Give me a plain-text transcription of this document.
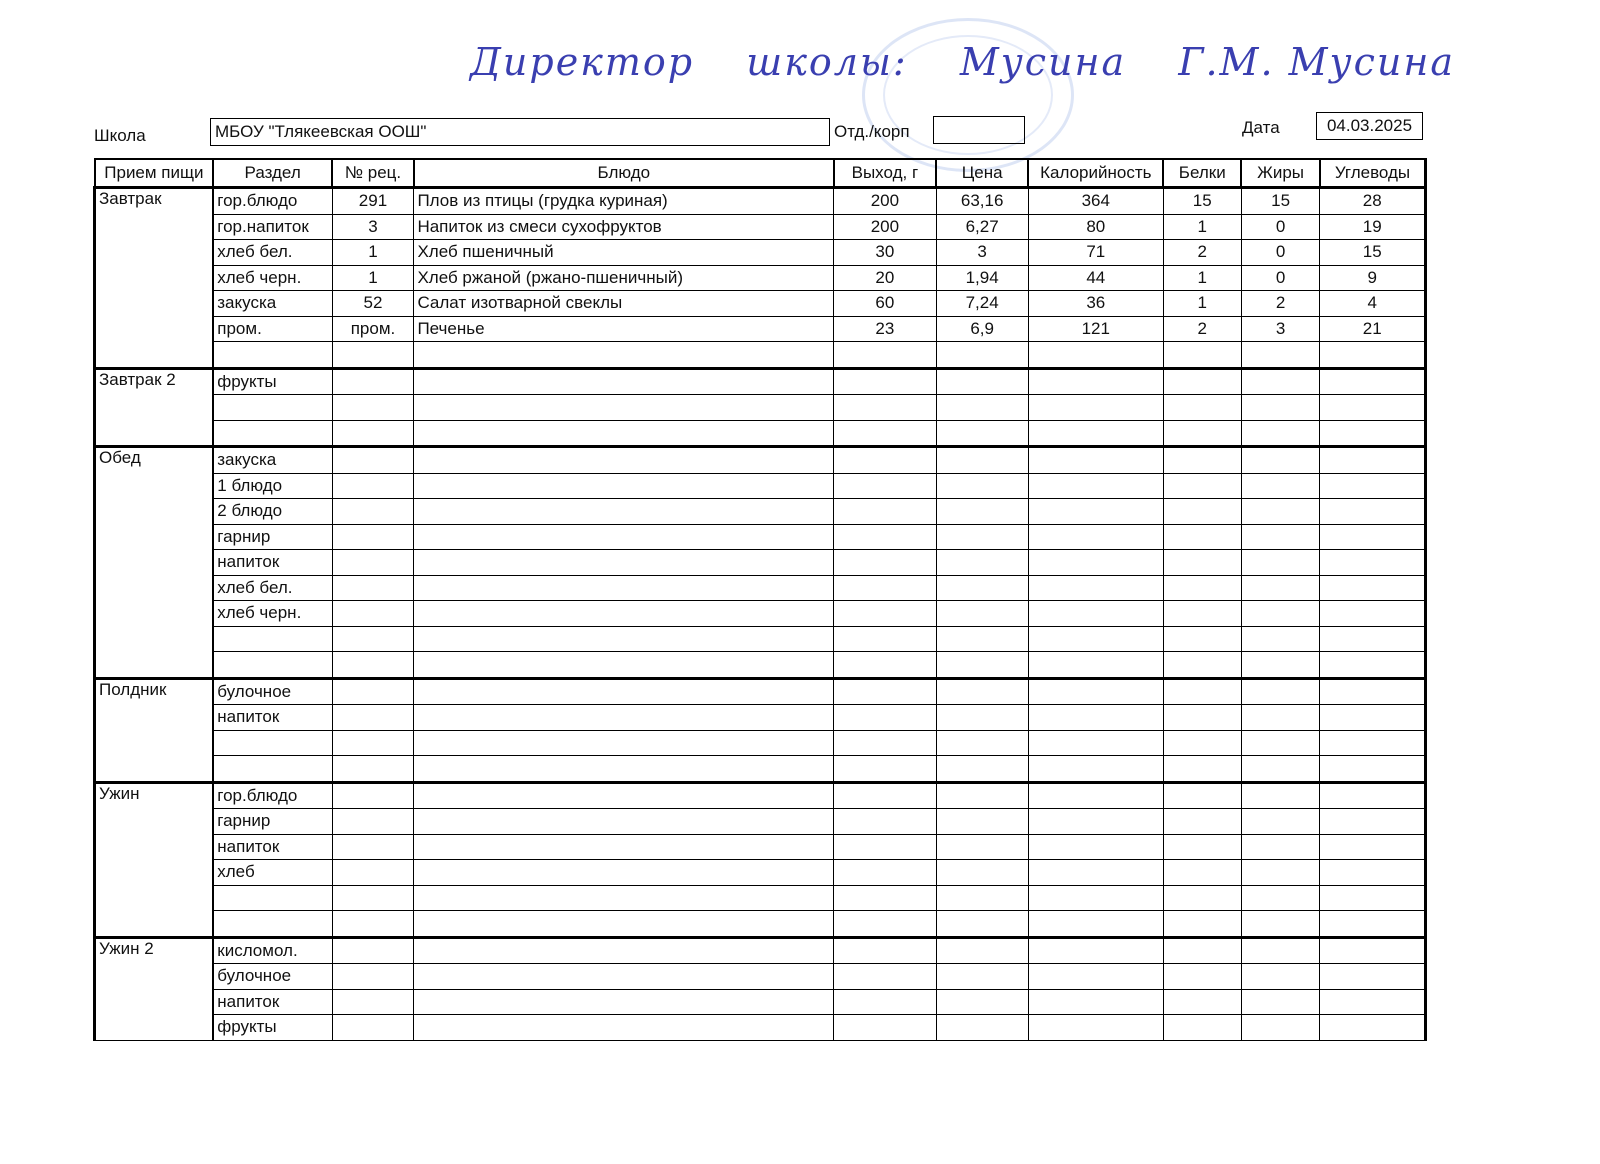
Директор школы: Мусина Г.М. Мусина
Школа	МБОУ "Тлякеевская ООШ"	Отд./корп	Дата	04.03.2025
Прием пищи	Раздел	№ рец.	Блюдо	Выход, г	Цена	Калорийность	Белки	Жиры	Углеводы
Завтрак	гор.блюдо	291	Плов из птицы (грудка куриная)	200	63,16	364	15	15	28
	гор.напиток	3	Напиток из смеси сухофруктов	200	6,27	80	1	0	19
	хлеб бел.	1	Хлеб пшеничный	30	3	71	2	0	15
	хлеб черн.	1	Хлеб ржаной (ржано-пшеничный)	20	1,94	44	1	0	9
	закуска	52	Салат изотварной свеклы	60	7,24	36	1	2	4
	пром.	пром.	Печенье	23	6,9	121	2	3	21

Завтрак 2	фрукты								

Обед	закуска								
	1 блюдо								
	2 блюдо								
	гарнир								
	напиток								
	хлеб бел.								
	хлеб черн.								

Полдник	булочное								
	напиток								

Ужин	гор.блюдо								
	гарнир								
	напиток								
	хлеб								

Ужин 2	кисломол.								
	булочное								
	напиток								
	фрукты								
